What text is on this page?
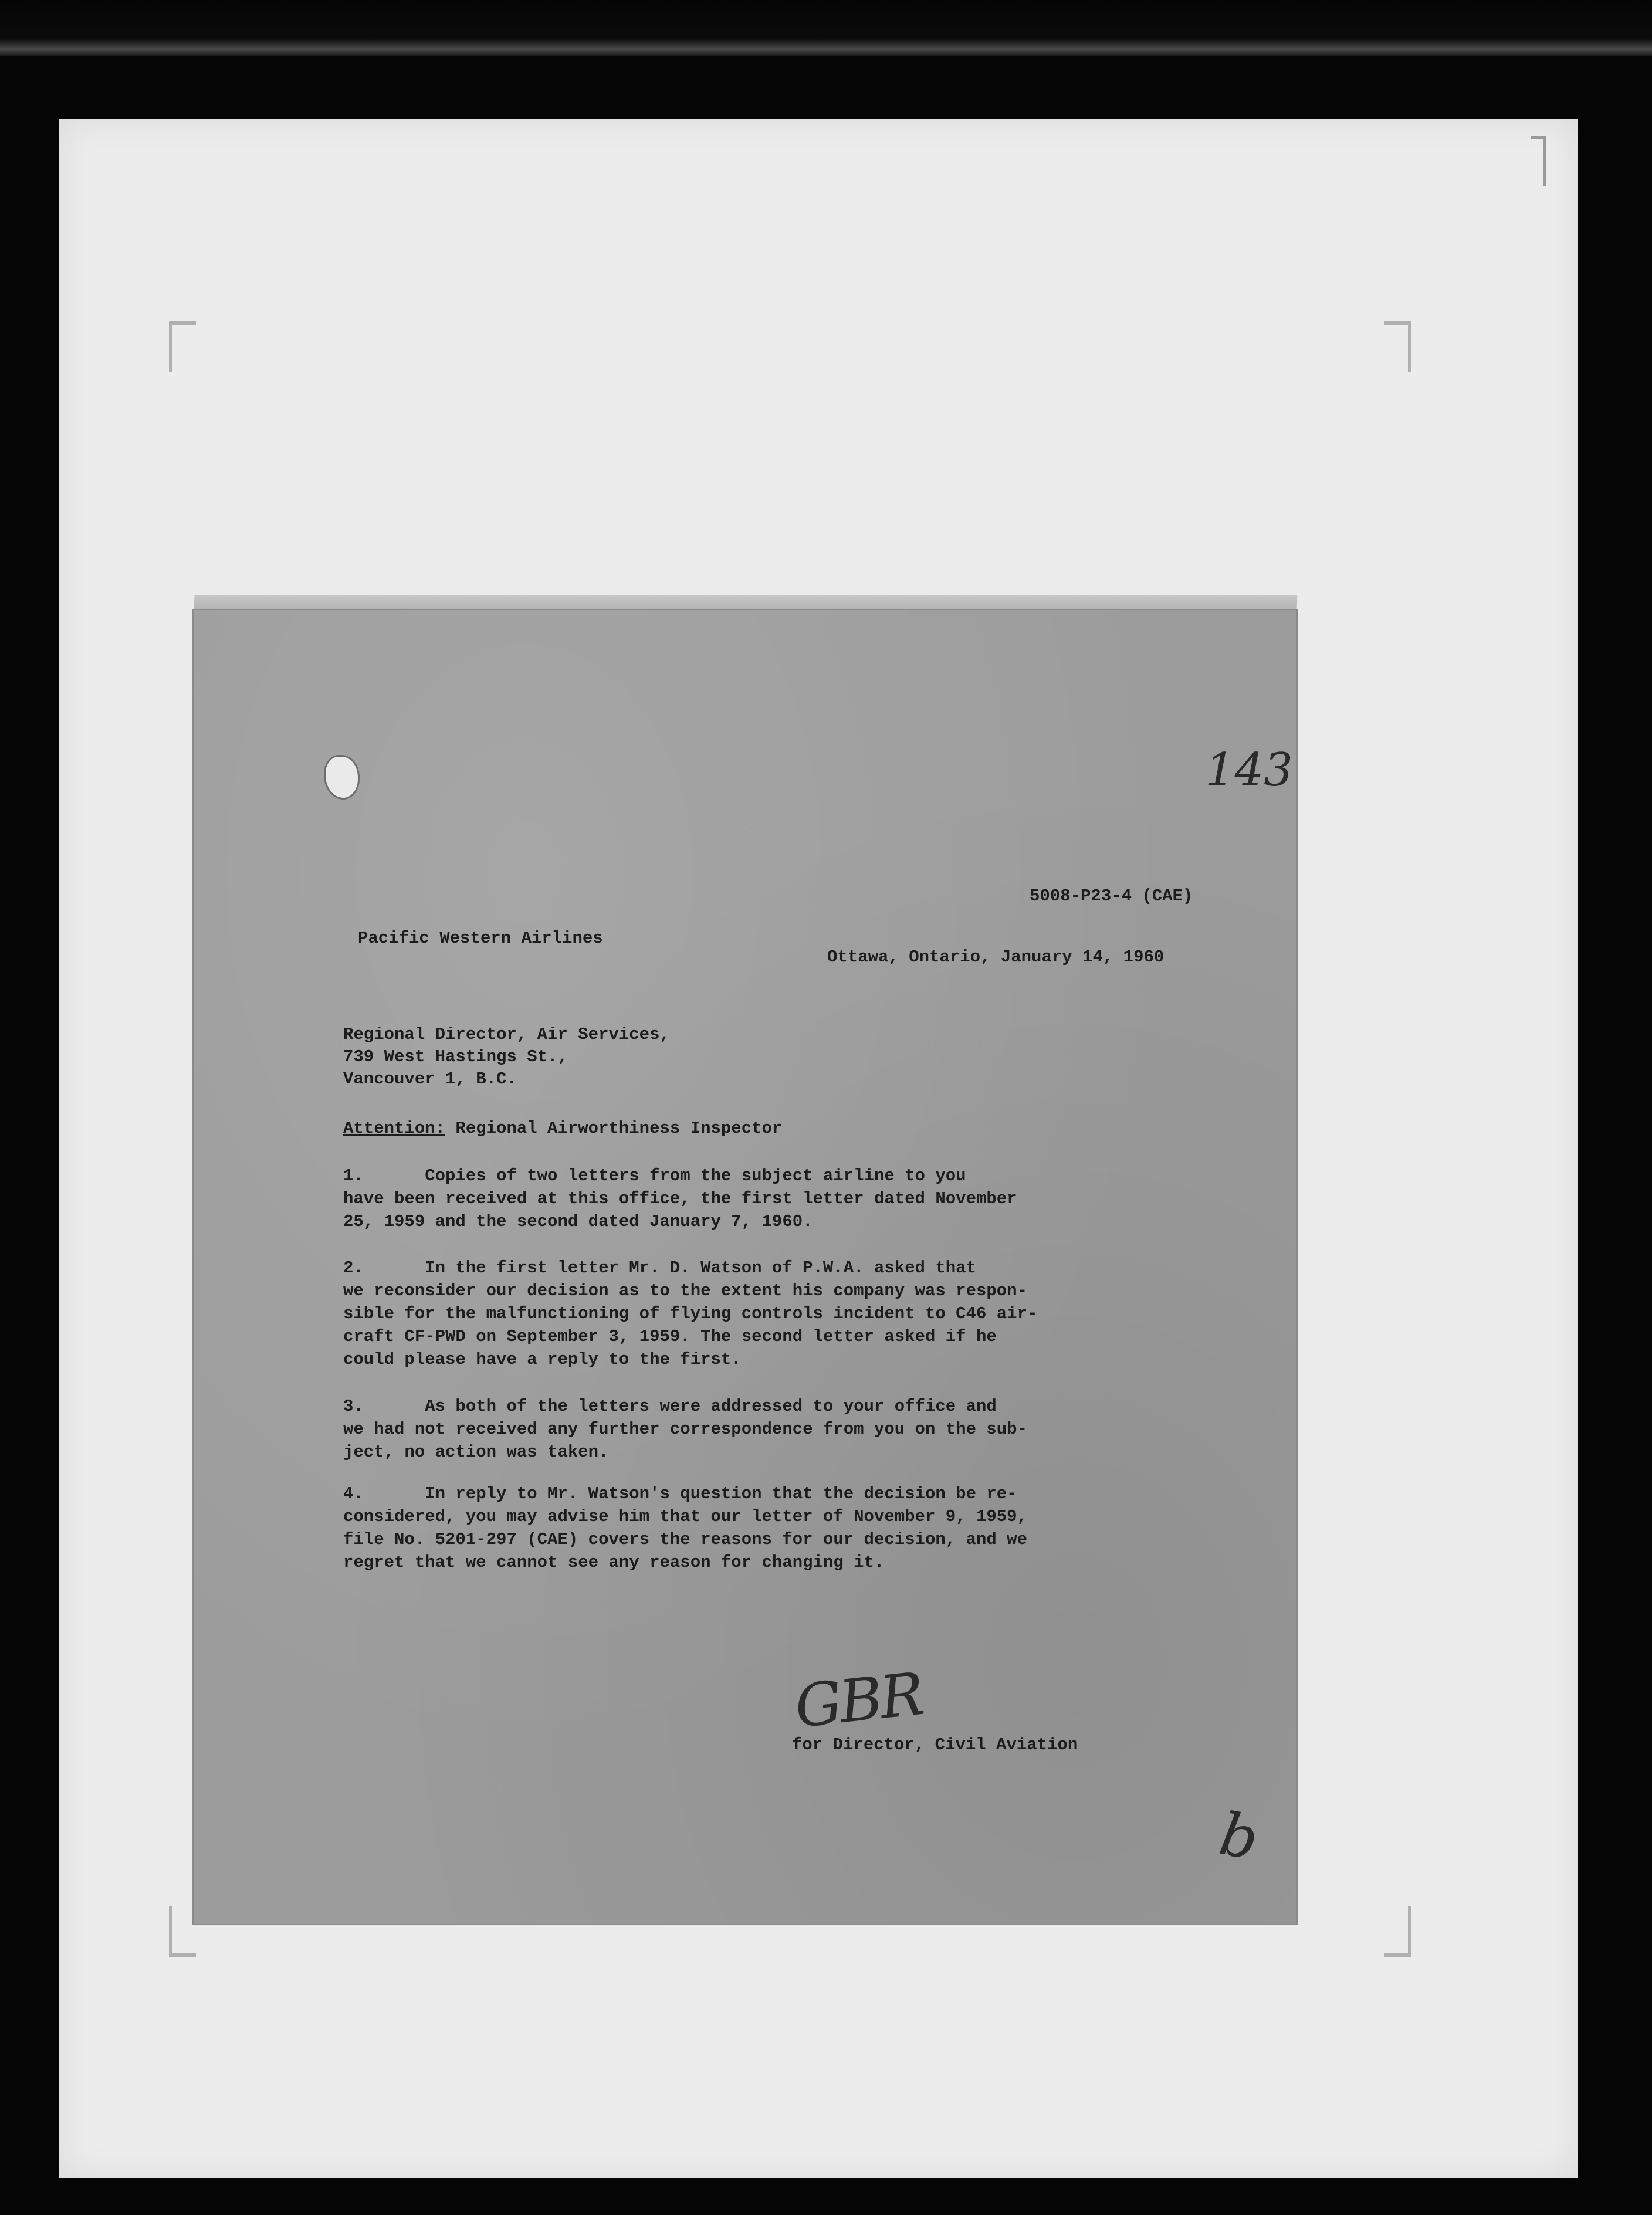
143
5008-P23-4 (CAE)
Pacific Western Airlines
Ottawa, Ontario, January 14, 1960
Regional Director, Air Services,
739 West Hastings St.,
Vancouver 1, B.C.
Attention: Regional Airworthiness Inspector
1.      Copies of two letters from the subject airline to you
have been received at this office, the first letter dated November
25, 1959 and the second dated January 7, 1960.
2.      In the first letter Mr. D. Watson of P.W.A. asked that
we reconsider our decision as to the extent his company was respon-
sible for the malfunctioning of flying controls incident to C46 air-
craft CF-PWD on September 3, 1959. The second letter asked if he
could please have a reply to the first.
3.      As both of the letters were addressed to your office and
we had not received any further correspondence from you on the sub-
ject, no action was taken.
4.      In reply to Mr. Watson's question that the decision be re-
considered, you may advise him that our letter of November 9, 1959,
file No. 5201-297 (CAE) covers the reasons for our decision, and we
regret that we cannot see any reason for changing it.
GBR
for Director, Civil Aviation
b
